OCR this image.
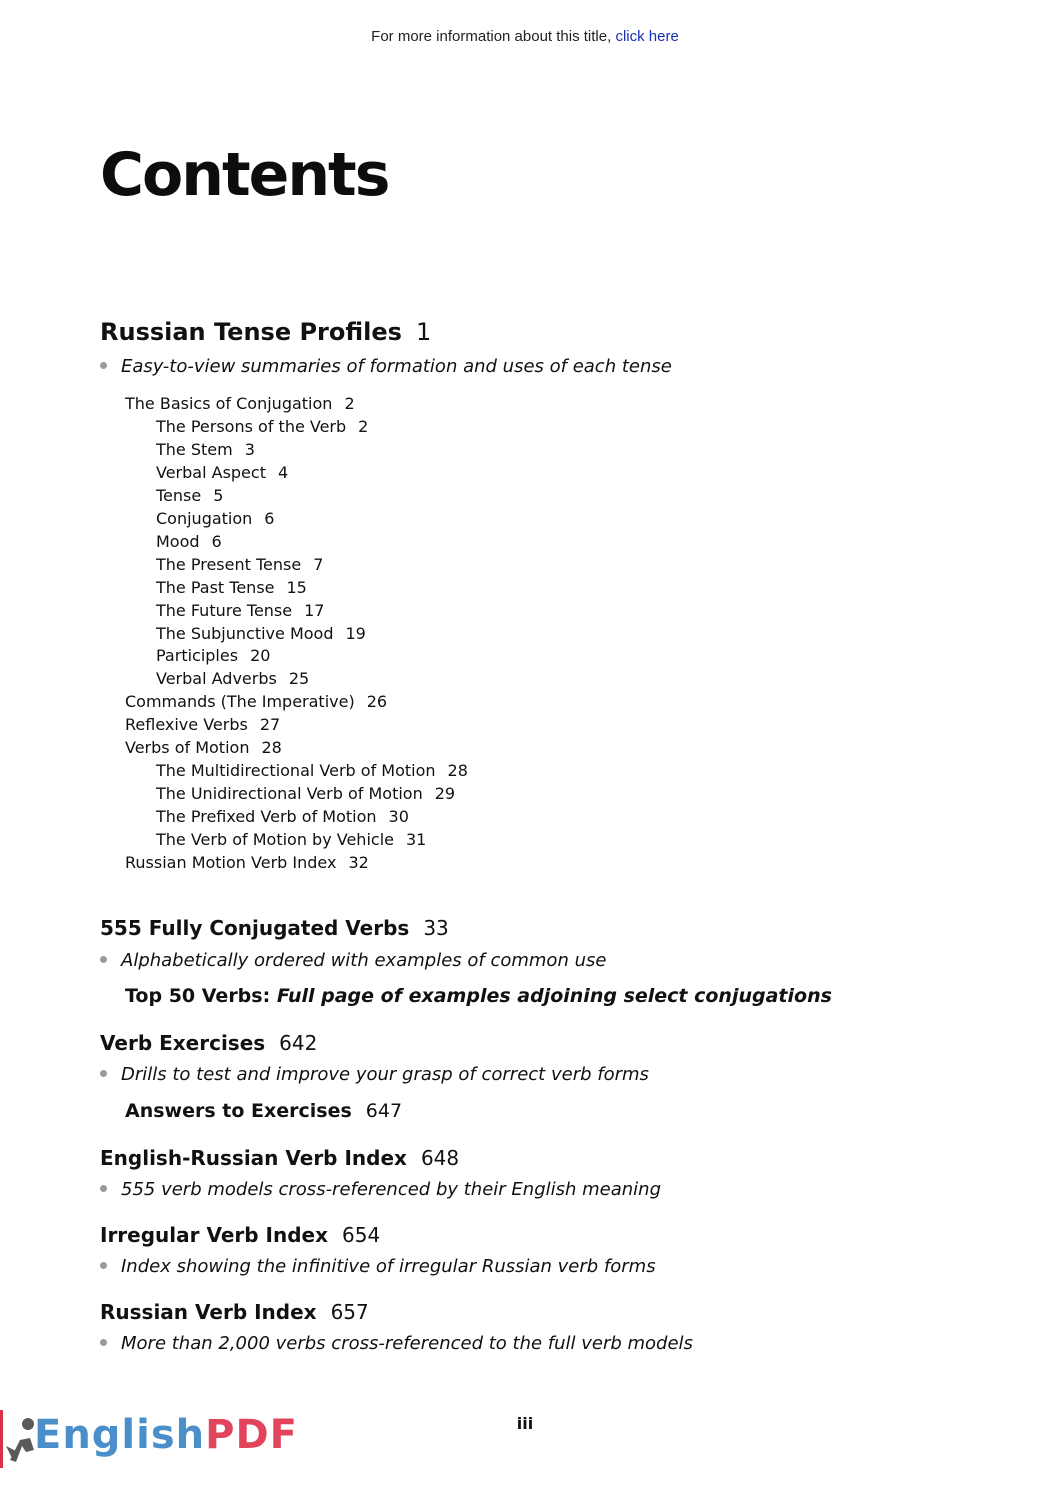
For more information about this title, click here
Contents
Russian Tense Profiles 1
Easy-to-view summaries of formation and uses of each tense
The Basics of Conjugation 2
The Persons of the Verb 2
The Stem 3
Verbal Aspect 4
Tense 5
Conjugation 6
Mood 6
The Present Tense 7
The Past Tense 15
The Future Tense 17
The Subjunctive Mood 19
Participles 20
Verbal Adverbs 25
Commands (The Imperative) 26
Reflexive Verbs 27
Verbs of Motion 28
The Multidirectional Verb of Motion 28
The Unidirectional Verb of Motion 29
The Prefixed Verb of Motion 30
The Verb of Motion by Vehicle 31
Russian Motion Verb Index 32
555 Fully Conjugated Verbs 33
Alphabetically ordered with examples of common use
Top 50 Verbs: Full page of examples adjoining select conjugations
Verb Exercises 642
Drills to test and improve your grasp of correct verb forms
Answers to Exercises 647
English-Russian Verb Index 648
555 verb models cross-referenced by their English meaning
Irregular Verb Index 654
Index showing the infinitive of irregular Russian verb forms
Russian Verb Index 657
More than 2,000 verbs cross-referenced to the full verb models
iii
EnglishPDF
